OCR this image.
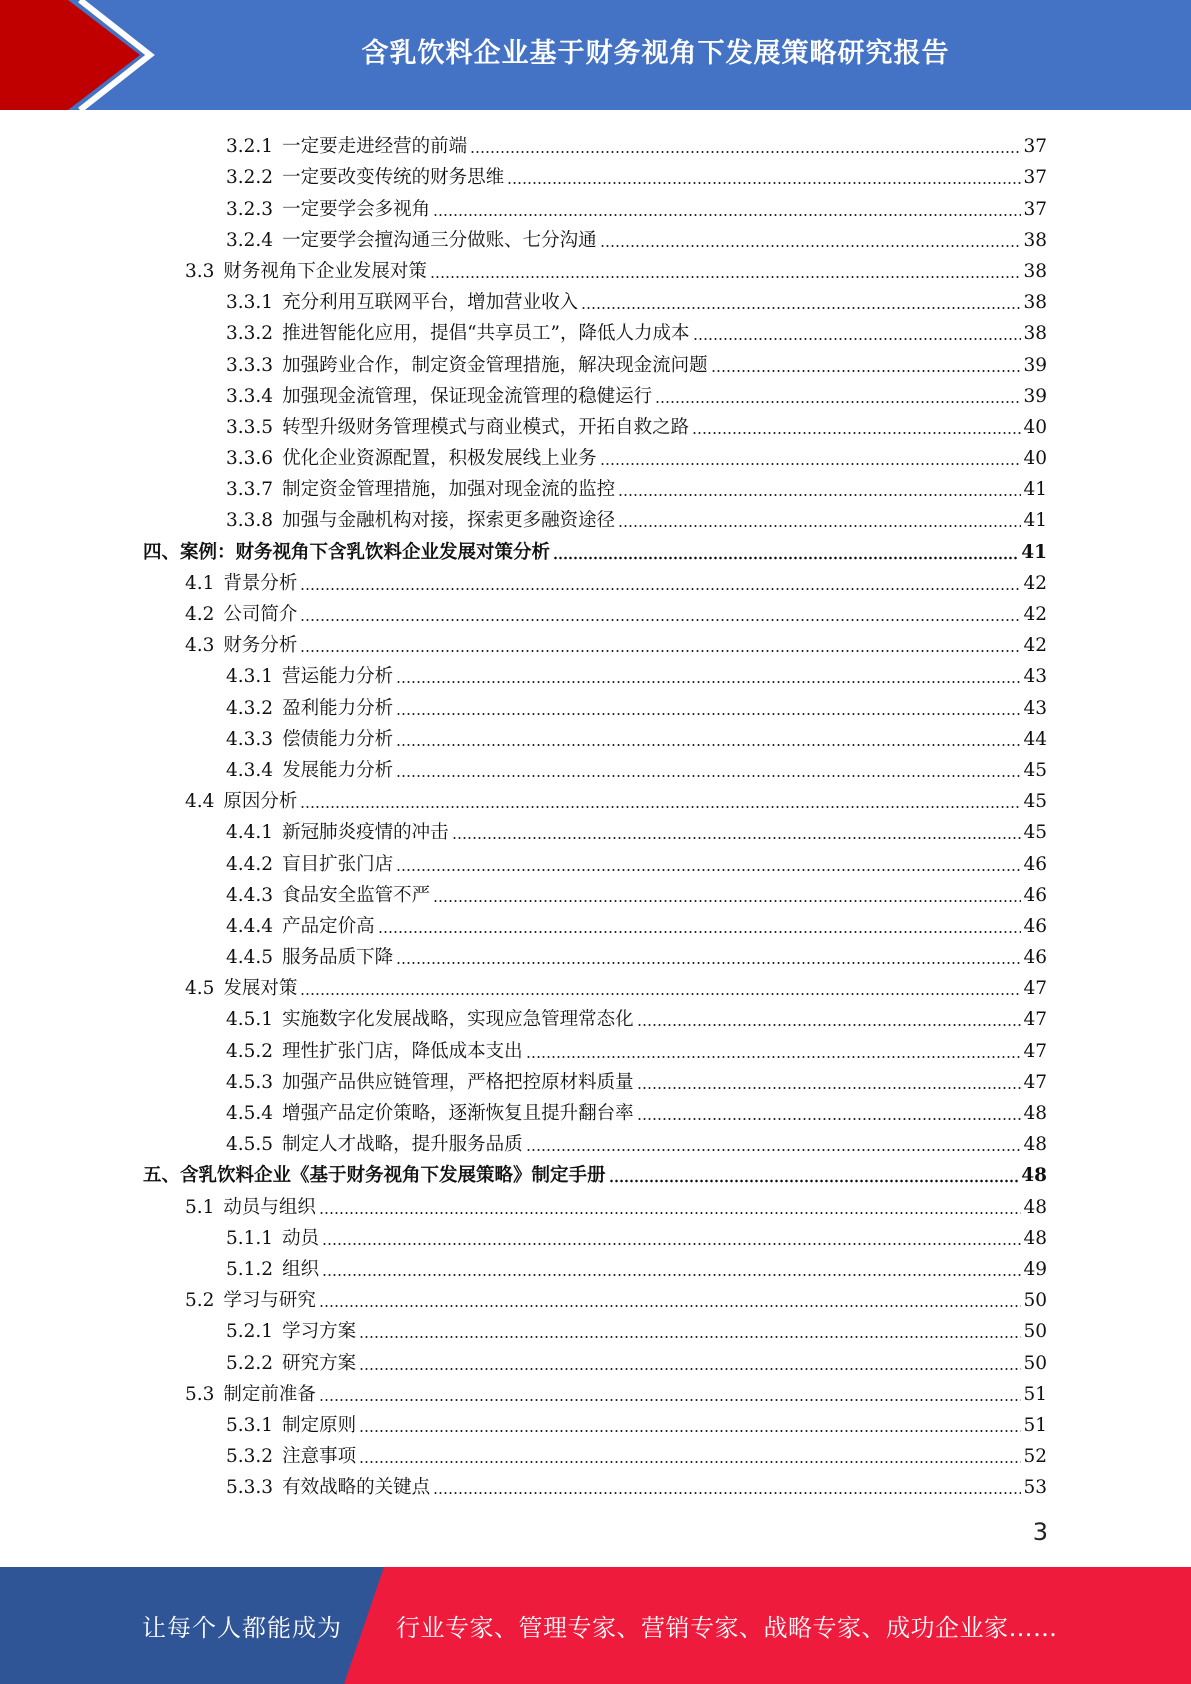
含乳饮料企业基于财务视角下发展策略研究报告
3.2.1 一定要走进经营的前端	37
3.2.2 一定要改变传统的财务思维	37
3.2.3 一定要学会多视角	37
3.2.4 一定要学会擅沟通三分做账、七分沟通	38
3.3 财务视角下企业发展对策	38
3.3.1 充分利用互联网平台，增加营业收入	38
3.3.2 推进智能化应用，提倡“共享员工”，降低人力成本	38
3.3.3 加强跨业合作，制定资金管理措施，解决现金流问题	39
3.3.4 加强现金流管理，保证现金流管理的稳健运行	39
3.3.5 转型升级财务管理模式与商业模式，开拓自救之路	40
3.3.6 优化企业资源配置，积极发展线上业务	40
3.3.7 制定资金管理措施，加强对现金流的监控	41
3.3.8 加强与金融机构对接，探索更多融资途径	41
四、 案例：财务视角下含乳饮料企业发展对策分析	41
4.1 背景分析	42
4.2 公司简介	42
4.3 财务分析	42
4.3.1 营运能力分析	43
4.3.2 盈利能力分析	43
4.3.3 偿债能力分析	44
4.3.4 发展能力分析	45
4.4 原因分析	45
4.4.1 新冠肺炎疫情的冲击	45
4.4.2 盲目扩张门店	46
4.4.3 食品安全监管不严	46
4.4.4 产品定价高	46
4.4.5 服务品质下降	46
4.5 发展对策	47
4.5.1 实施数字化发展战略，实现应急管理常态化	47
4.5.2 理性扩张门店，降低成本支出	47
4.5.3 加强产品供应链管理，严格把控原材料质量	47
4.5.4 增强产品定价策略，逐渐恢复且提升翻台率	48
4.5.5 制定人才战略，提升服务品质	48
五、 含乳饮料企业《基于财务视角下发展策略》制定手册	48
5.1 动员与组织	48
5.1.1 动员	48
5.1.2 组织	49
5.2 学习与研究	50
5.2.1 学习方案	50
5.2.2 研究方案	50
5.3 制定前准备	51
5.3.1 制定原则	51
5.3.2 注意事项	52
5.3.3 有效战略的关键点	53
3
让每个人都能成为 行业专家、管理专家、营销专家、战略专家、成功企业家……
